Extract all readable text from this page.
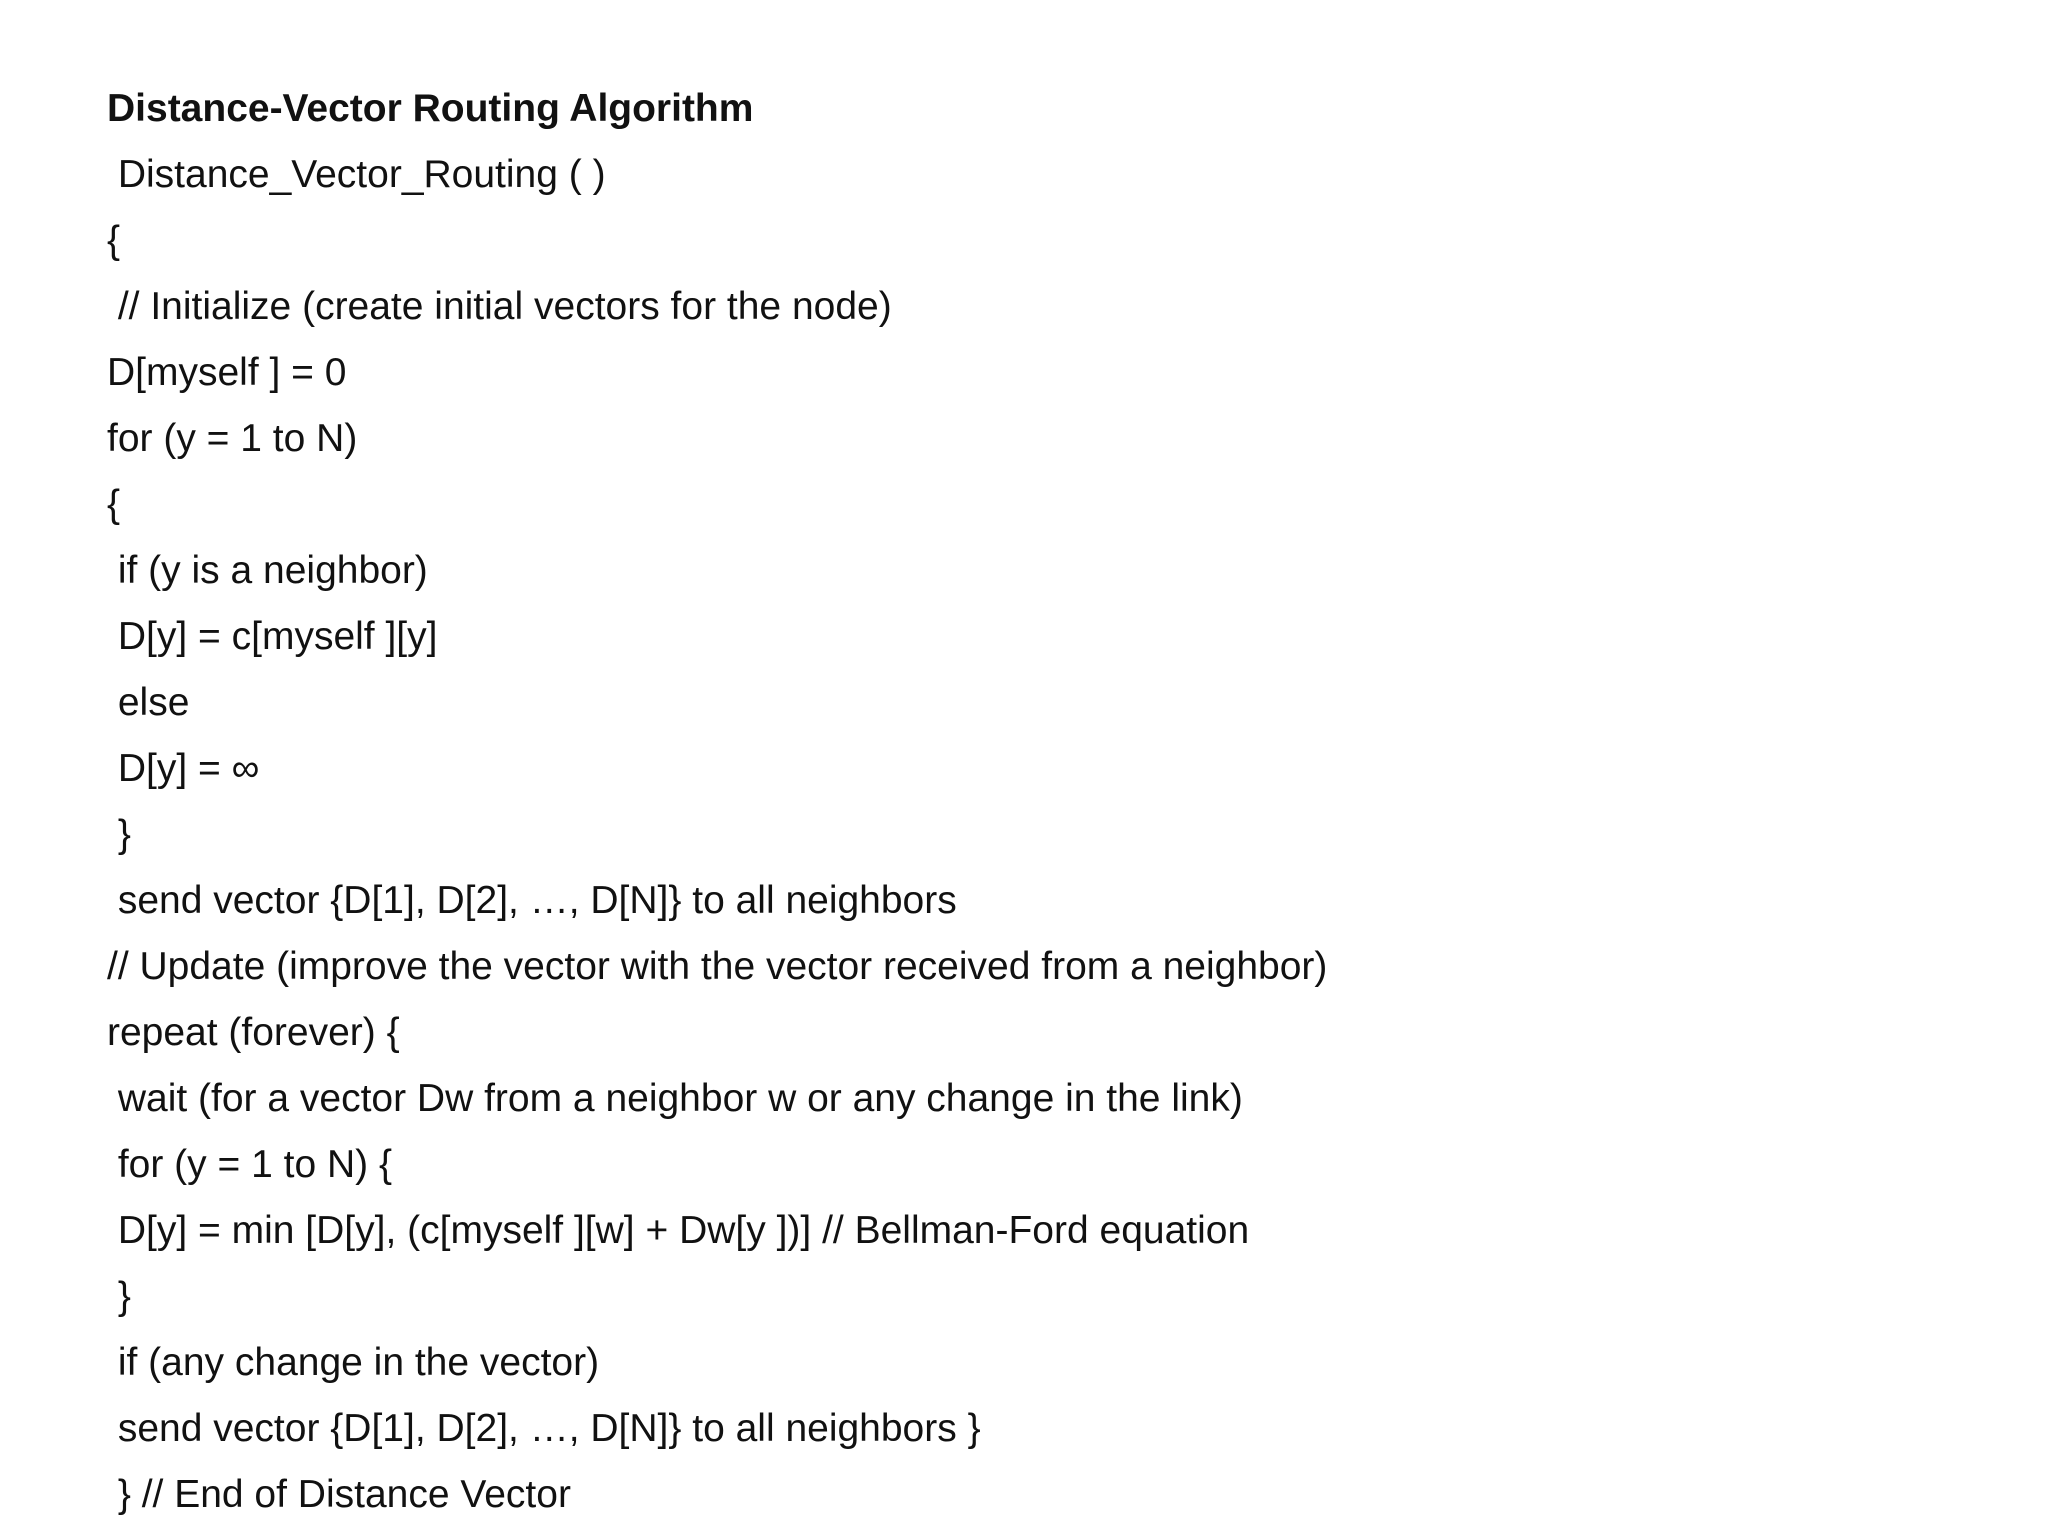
Distance-Vector Routing Algorithm
Distance_Vector_Routing ( )
{
// Initialize (create initial vectors for the node)
D[myself ] = 0
for (y = 1 to N)
{
if (y is a neighbor)
D[y] = c[myself ][y]
else
D[y] = ∞
}
send vector {D[1], D[2], …, D[N]} to all neighbors
// Update (improve the vector with the vector received from a neighbor)
repeat (forever) {
wait (for a vector Dw from a neighbor w or any change in the link)
for (y = 1 to N) {
D[y] = min [D[y], (c[myself ][w] + Dw[y ])] // Bellman-Ford equation
}
if (any change in the vector)
send vector {D[1], D[2], …, D[N]} to all neighbors }
} // End of Distance Vector
